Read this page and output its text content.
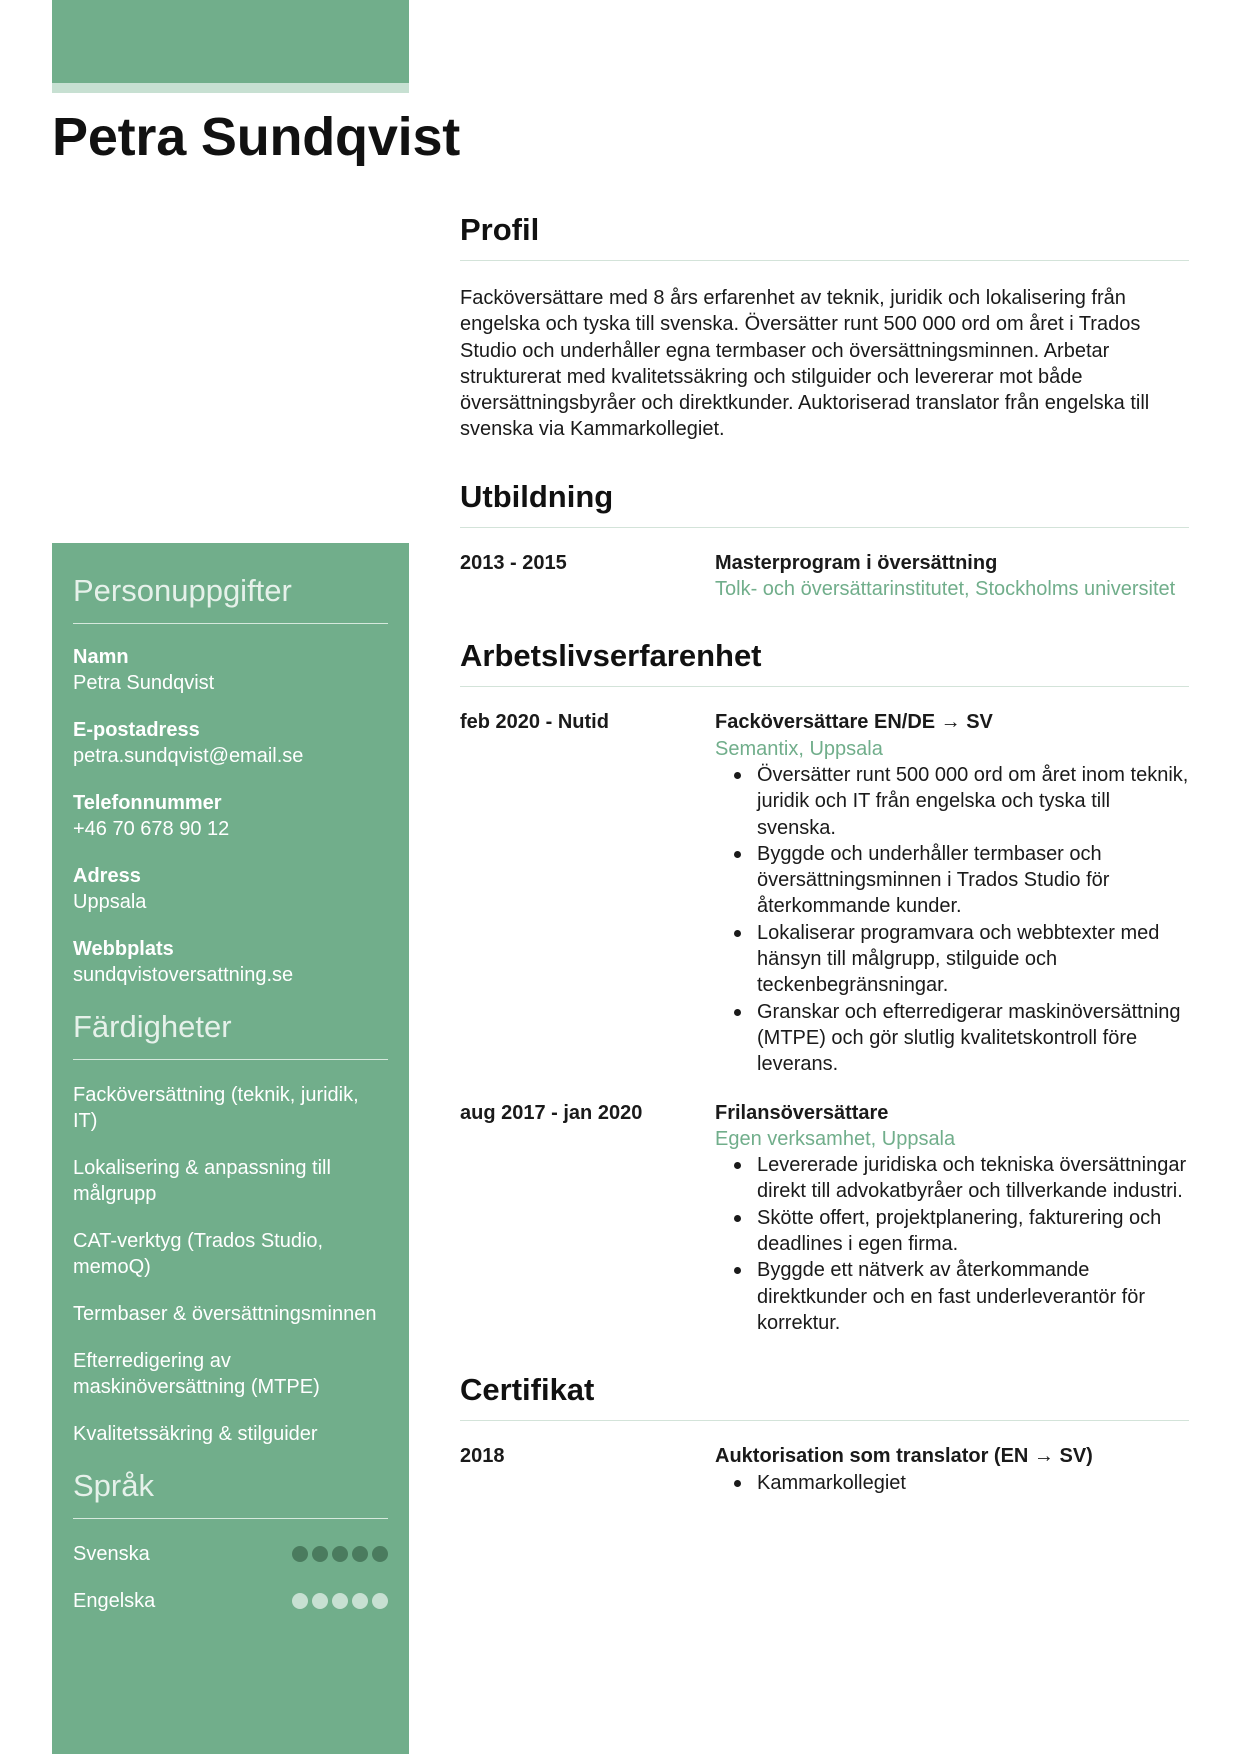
Petra Sundqvist
Personuppgifter
Namn
Petra Sundqvist
E-postadress
petra.sundqvist@email.se
Telefonnummer
+46 70 678 90 12
Adress
Uppsala
Webbplats
sundqvistoversattning.se
Färdigheter
Facköversättning (teknik, juridik, IT)
Lokalisering & anpassning till målgrupp
CAT-verktyg (Trados Studio, memoQ)
Termbaser & översättningsminnen
Efterredigering av maskinöversättning (MTPE)
Kvalitetssäkring & stilguider
Språk
Svenska
Engelska
Profil

Facköversättare med 8 års erfarenhet av teknik, juridik och lokalisering från engelska och tyska till svenska. Översätter runt 500 000 ord om året i Trados Studio och underhåller egna termbaser och översättningsminnen. Arbetar strukturerat med kvalitetssäkring och stilguider och levererar mot både översättningsbyråer och direktkunder. Auktoriserad translator från engelska till svenska via Kammarkollegiet.

Utbildning
2013 - 2015	Masterprogram i översättning
Tolk- och översättarinstitutet, Stockholms universitet
Arbetslivserfarenhet
feb 2020 - Nutid	Facköversättare EN/DE → SV
Semantix, Uppsala
Översätter runt 500 000 ord om året inom teknik, juridik och IT från engelska och tyska till svenska.
Byggde och underhåller termbaser och översättningsminnen i Trados Studio för återkommande kunder.
Lokaliserar programvara och webbtexter med hänsyn till målgrupp, stilguide och teckenbegränsningar.
Granskar och efterredigerar maskinöversättning (MTPE) och gör slutlig kvalitetskontroll före leverans.
aug 2017 - jan 2020	Frilansöversättare
Egen verksamhet, Uppsala
Levererade juridiska och tekniska översättningar direkt till advokatbyråer och tillverkande industri.
Skötte offert, projektplanering, fakturering och deadlines i egen firma.
Byggde ett nätverk av återkommande direktkunder och en fast underleverantör för korrektur.
Certifikat
2018	Auktorisation som translator (EN → SV)
Kammarkollegiet
